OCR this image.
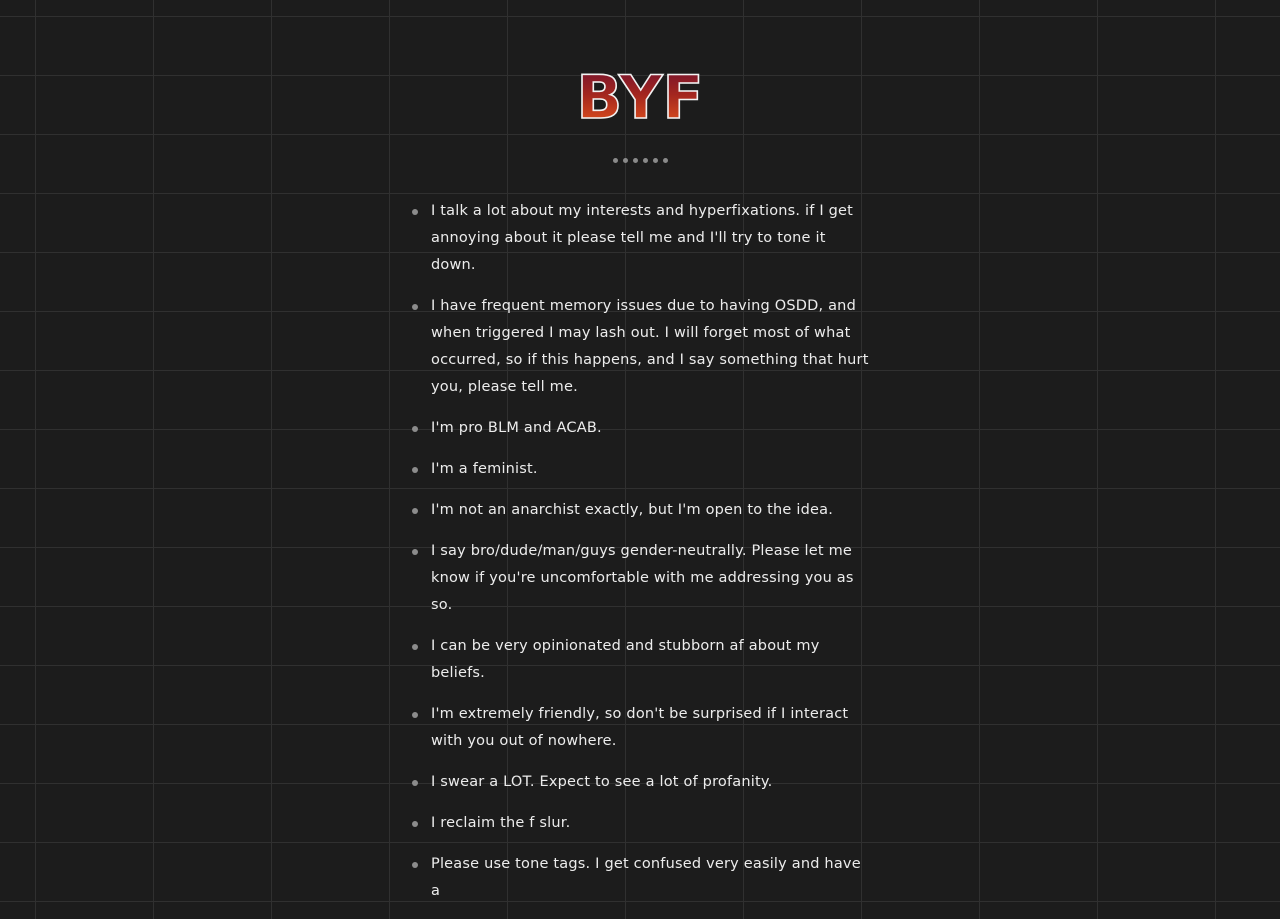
BYF
I talk a lot about my interests and hyperfixations. if I get annoying about it please tell me and I'll try to tone it down.
I have frequent memory issues due to having OSDD, and when triggered I may lash out. I will forget most of what occurred, so if this happens, and I say something that hurt you, please tell me.
I'm pro BLM and ACAB.
I'm a feminist.
I'm not an anarchist exactly, but I'm open to the idea.
I say bro/dude/man/guys gender-neutrally. Please let me know if you're uncomfortable with me addressing you as so.
I can be very opinionated and stubborn af about my beliefs.
I'm extremely friendly, so don't be surprised if I interact with you out of nowhere.
I swear a LOT. Expect to see a lot of profanity.
I reclaim the f slur.
Please use tone tags. I get confused very easily and have a
